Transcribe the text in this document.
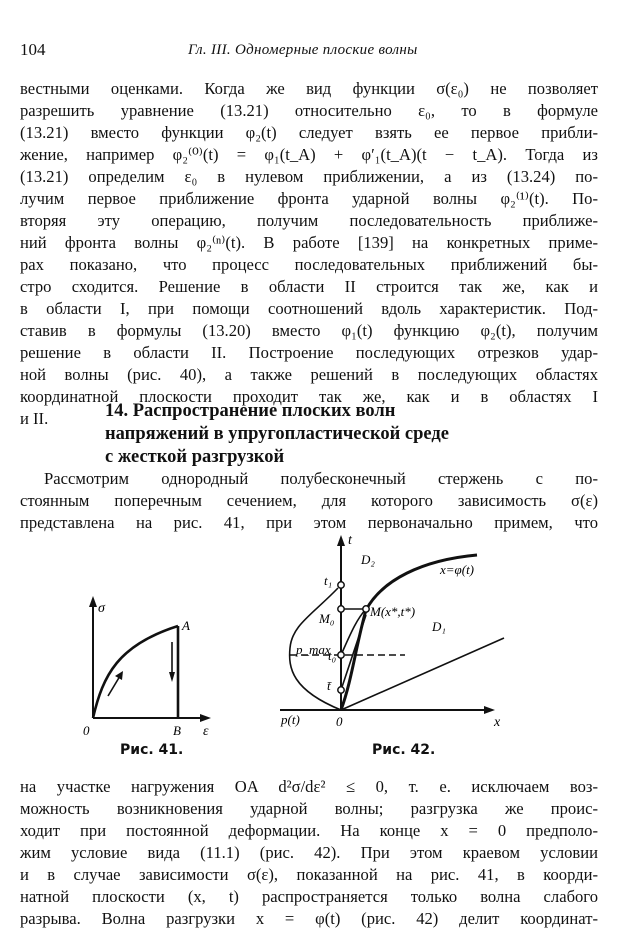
104	Гл. III. Одномерные плоские волны
вестными оценками. Когда же вид функции σ(ε₀) не позволяет
разрешить уравнение (13.21) относительно ε₀, то в формуле
(13.21) вместо функции φ₂(t) следует взять ее первое прибли-
жение, например φ₂⁽⁰⁾(t) = φ₁(t_A) + φ′₁(t_A)(t − t_A). Тогда из
(13.21) определим ε₀ в нулевом приближении, а из (13.24) по-
лучим первое приближение фронта ударной волны φ₂⁽¹⁾(t). По-
вторяя эту операцию, получим последовательность приближе-
ний фронта волны φ₂⁽ⁿ⁾(t). В работе [139] на конкретных приме-
рах показано, что процесс последовательных приближений бы-
стро сходится. Решение в области II строится так же, как и
в области I, при помощи соотношений вдоль характеристик. Под-
ставив в формулы (13.20) вместо φ₁(t) функцию φ₂(t), получим
решение в области II. Построение последующих отрезков удар-
ной волны (рис. 40), а также решений в последующих областях
координатной плоскости проходит так же, как и в областях I
и II.	14. Распространение плоских волн
напряжений в упругопластической среде
с жесткой разгрузкой
Рассмотрим однородный полубесконечный стержень с по-
стоянным поперечным сечением, для которого зависимость σ(ε)
представлена на рис. 41, при этом первоначально примем, что
σ
A
0	B ε
Рис. 41.
t
D₂
x=φ(t)
t₁
M(x*,t*)
M₀
D₁
p_max
t₀
t̄
p(t)	0	x
Рис. 42.
на участке нагружения OA d²σ/dε² ≤ 0, т. е. исключаем воз-
можность возникновения ударной волны; разгрузка же проис-
ходит при постоянной деформации. На конце x = 0 предполо-
жим условие вида (11.1) (рис. 42). При этом краевом условии
и в случае зависимости σ(ε), показанной на рис. 41, в коорди-
натной плоскости (x, t) распространяется только волна слабого
разрыва. Волна разгрузки x = φ(t) (рис. 42) делит координат-
